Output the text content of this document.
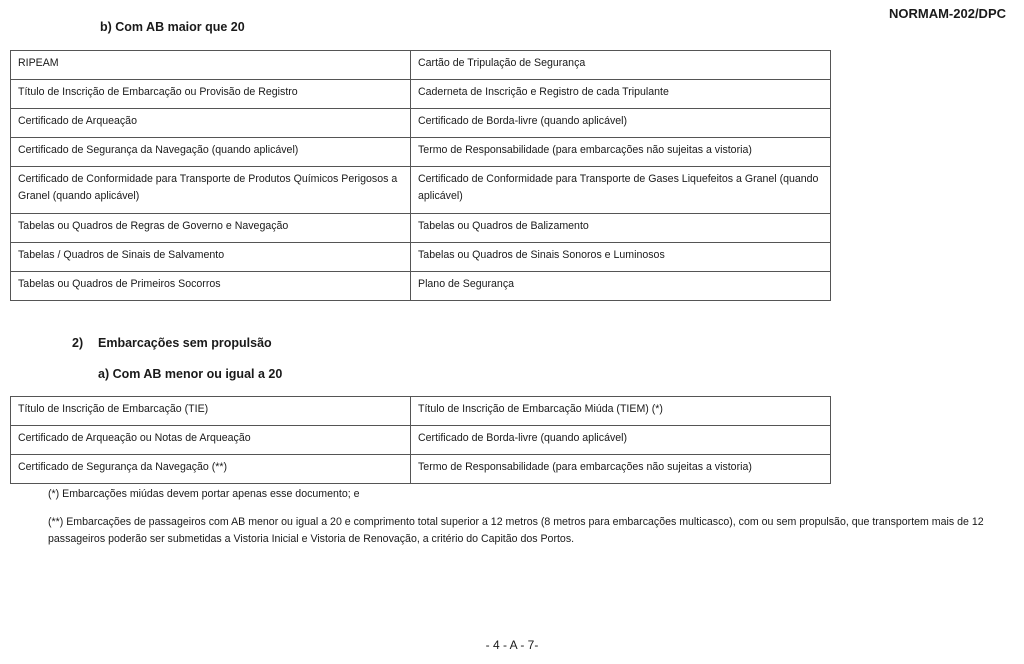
NORMAM-202/DPC
b) Com AB maior que 20
RIPEAM	Cartão de Tripulação de Segurança
Título de Inscrição de Embarcação ou Provisão de Registro	Caderneta de Inscrição e Registro de cada Tripulante
Certificado de Arqueação	Certificado de Borda-livre (quando aplicável)
Certificado de Segurança da Navegação (quando aplicável)	Termo de Responsabilidade (para embarcações não sujeitas a vistoria)
Certificado de Conformidade para Transporte de Produtos Químicos Perigosos a Granel (quando aplicável)	Certificado de Conformidade para Transporte de Gases Liquefeitos a Granel (quando aplicável)
Tabelas ou Quadros de Regras de Governo e Navegação	Tabelas ou Quadros de Balizamento
Tabelas / Quadros de Sinais de Salvamento	Tabelas ou Quadros de Sinais Sonoros e Luminosos
Tabelas ou Quadros de Primeiros Socorros	Plano de Segurança
2) Embarcações sem propulsão
a) Com AB menor ou igual a 20
Título de Inscrição de Embarcação (TIE)	Título de Inscrição de Embarcação Miúda (TIEM) (*)
Certificado de Arqueação ou Notas de Arqueação	Certificado de Borda-livre (quando aplicável)
Certificado de Segurança da Navegação (**)	Termo de Responsabilidade (para embarcações não sujeitas a vistoria)
(*) Embarcações miúdas devem portar apenas esse documento; e
(**) Embarcações de passageiros com AB menor ou igual a 20 e comprimento total superior a 12 metros (8 metros para embarcações multicasco), com ou sem propulsão, que transportem mais de 12 passageiros poderão ser submetidas a Vistoria Inicial e Vistoria de Renovação, a critério do Capitão dos Portos.
- 4 - A - 7-
